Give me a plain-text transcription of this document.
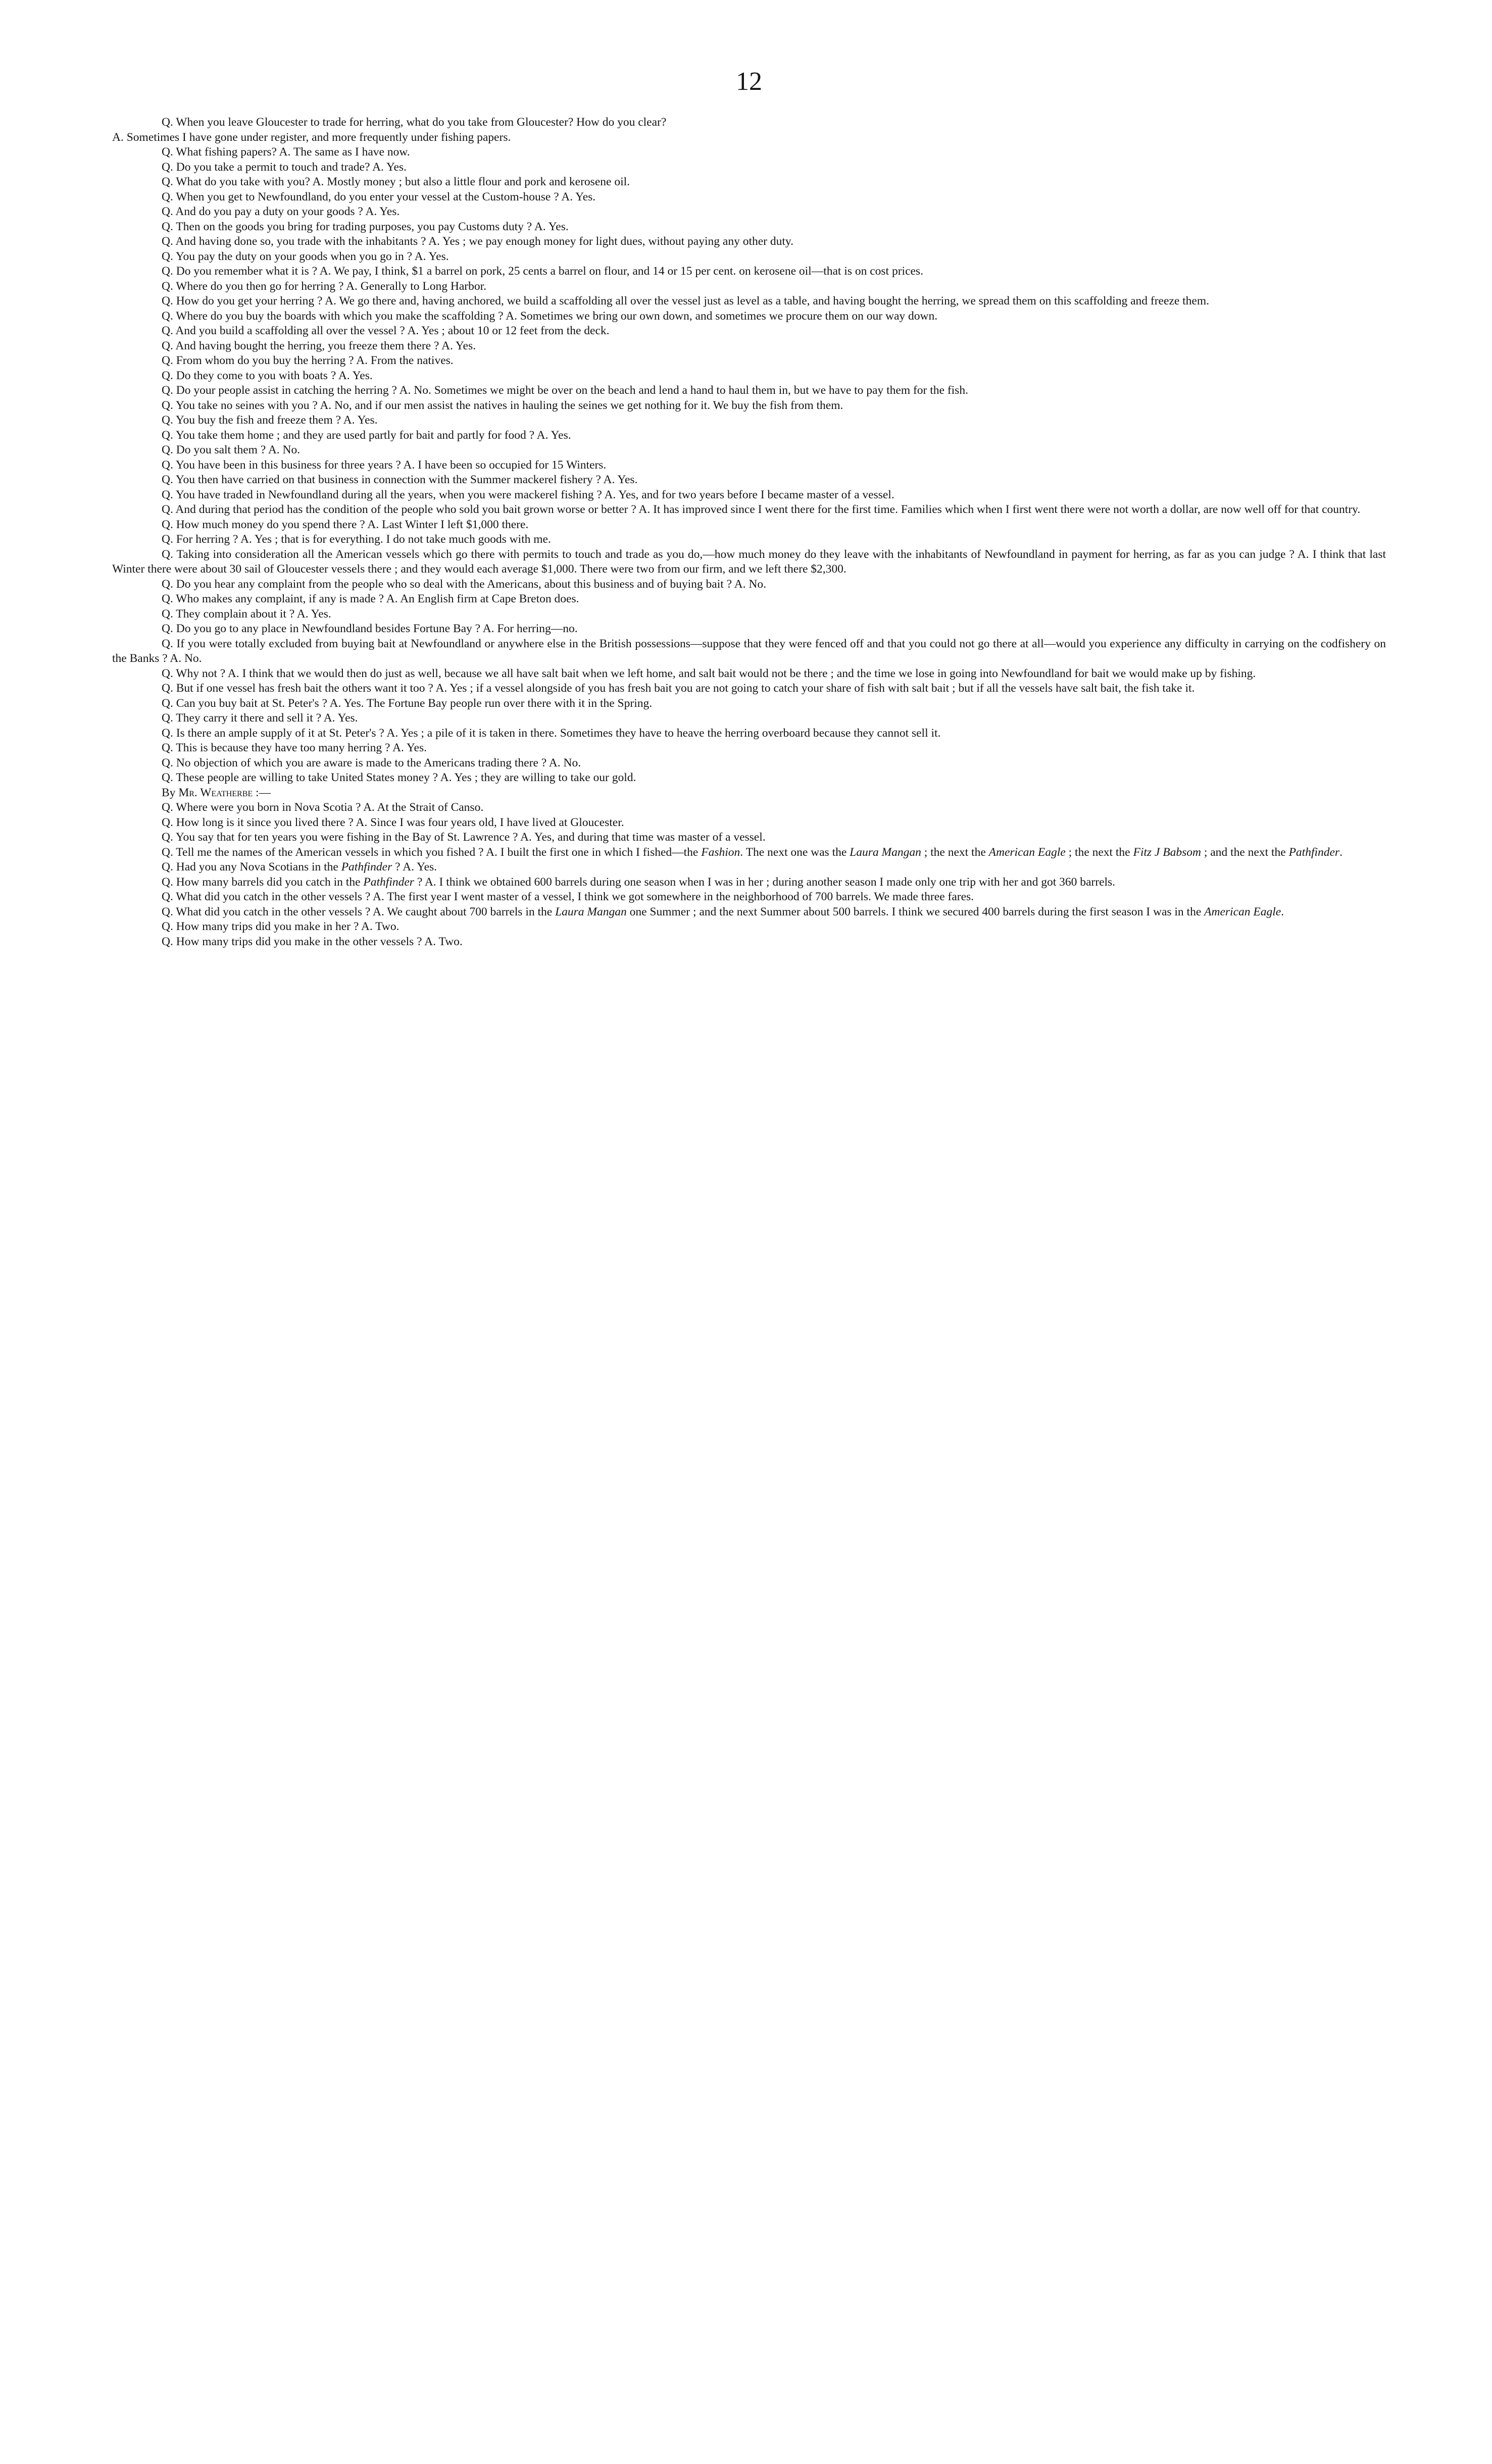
12

Q. When you leave Gloucester to trade for herring, what do you take from Gloucester? How do you clear?

A. Sometimes I have gone under register, and more frequently under fishing papers.

Q. What fishing papers? A. The same as I have now.

Q. Do you take a permit to touch and trade? A. Yes.

Q. What do you take with you? A. Mostly money ; but also a little flour and pork and kerosene oil.

Q. When you get to Newfoundland, do you enter your vessel at the Custom-house ? A. Yes.

Q. And do you pay a duty on your goods ? A. Yes.

Q. Then on the goods you bring for trading purposes, you pay Customs duty ? A. Yes.

Q. And having done so, you trade with the inhabitants ? A. Yes ; we pay enough money for light dues, without paying any other duty.

Q. You pay the duty on your goods when you go in ? A. Yes.

Q. Do you remember what it is ? A. We pay, I think, $1 a barrel on pork, 25 cents a barrel on flour, and 14 or 15 per cent. on kerosene oil—that is on cost prices.

Q. Where do you then go for herring ? A. Generally to Long Harbor.

Q. How do you get your herring ? A. We go there and, having anchored, we build a scaffolding all over the vessel just as level as a table, and having bought the herring, we spread them on this scaffolding and freeze them.

Q. Where do you buy the boards with which you make the scaffolding ? A. Sometimes we bring our own down, and sometimes we procure them on our way down.

Q. And you build a scaffolding all over the vessel ? A. Yes ; about 10 or 12 feet from the deck.

Q. And having bought the herring, you freeze them there ? A. Yes.

Q. From whom do you buy the herring ? A. From the natives.

Q. Do they come to you with boats ? A. Yes.

Q. Do your people assist in catching the herring ? A. No. Sometimes we might be over on the beach and lend a hand to haul them in, but we have to pay them for the fish.

Q. You take no seines with you ? A. No, and if our men assist the natives in hauling the seines we get nothing for it. We buy the fish from them.

Q. You buy the fish and freeze them ? A. Yes.

Q. You take them home ; and they are used partly for bait and partly for food ? A. Yes.

Q. Do you salt them ? A. No.

Q. You have been in this business for three years ? A. I have been so occupied for 15 Winters.

Q. You then have carried on that business in connection with the Summer mackerel fishery ? A. Yes.

Q. You have traded in Newfoundland during all the years, when you were mackerel fishing ? A. Yes, and for two years before I became master of a vessel.

Q. And during that period has the condition of the people who sold you bait grown worse or better ? A. It has improved since I went there for the first time. Families which when I first went there were not worth a dollar, are now well off for that country.

Q. How much money do you spend there ? A. Last Winter I left $1,000 there.

Q. For herring ? A. Yes ; that is for everything. I do not take much goods with me.

Q. Taking into consideration all the American vessels which go there with permits to touch and trade as you do,—how much money do they leave with the inhabitants of Newfoundland in payment for herring, as far as you can judge ? A. I think that last Winter there were about 30 sail of Gloucester vessels there ; and they would each average $1,000. There were two from our firm, and we left there $2,300.

Q. Do you hear any complaint from the people who so deal with the Americans, about this business and of buying bait ? A. No.

Q. Who makes any complaint, if any is made ? A. An English firm at Cape Breton does.

Q. They complain about it ? A. Yes.

Q. Do you go to any place in Newfoundland besides Fortune Bay ? A. For herring—no.

Q. If you were totally excluded from buying bait at Newfoundland or anywhere else in the British possessions—suppose that they were fenced off and that you could not go there at all—would you experience any difficulty in carrying on the codfishery on the Banks ? A. No.

Q. Why not ? A. I think that we would then do just as well, because we all have salt bait when we left home, and salt bait would not be there ; and the time we lose in going into Newfoundland for bait we would make up by fishing.

Q. But if one vessel has fresh bait the others want it too ? A. Yes ; if a vessel alongside of you has fresh bait you are not going to catch your share of fish with salt bait ; but if all the vessels have salt bait, the fish take it.

Q. Can you buy bait at St. Peter's ? A. Yes. The Fortune Bay people run over there with it in the Spring.

Q. They carry it there and sell it ? A. Yes.

Q. Is there an ample supply of it at St. Peter's ? A. Yes ; a pile of it is taken in there. Sometimes they have to heave the herring overboard because they cannot sell it.

Q. This is because they have too many herring ? A. Yes.

Q. No objection of which you are aware is made to the Americans trading there ? A. No.

Q. These people are willing to take United States money ? A. Yes ; they are willing to take our gold.

By Mr. Weatherbe :—

Q. Where were you born in Nova Scotia ? A. At the Strait of Canso.

Q. How long is it since you lived there ? A. Since I was four years old, I have lived at Gloucester.

Q. You say that for ten years you were fishing in the Bay of St. Lawrence ? A. Yes, and during that time was master of a vessel.

Q. Tell me the names of the American vessels in which you fished ? A. I built the first one in which I fished—the Fashion. The next one was the Laura Mangan ; the next the American Eagle ; the next the Fitz J Babsom ; and the next the Pathfinder.

Q. Had you any Nova Scotians in the Pathfinder ? A. Yes.

Q. How many barrels did you catch in the Pathfinder ? A. I think we obtained 600 barrels during one season when I was in her ; during another season I made only one trip with her and got 360 barrels.

Q. What did you catch in the other vessels ? A. The first year I went master of a vessel, I think we got somewhere in the neighborhood of 700 barrels. We made three fares.

Q. What did you catch in the other vessels ? A. We caught about 700 barrels in the Laura Mangan one Summer ; and the next Summer about 500 barrels. I think we secured 400 barrels during the first season I was in the American Eagle.

Q. How many trips did you make in her ? A. Two.

Q. How many trips did you make in the other vessels ? A. Two.
